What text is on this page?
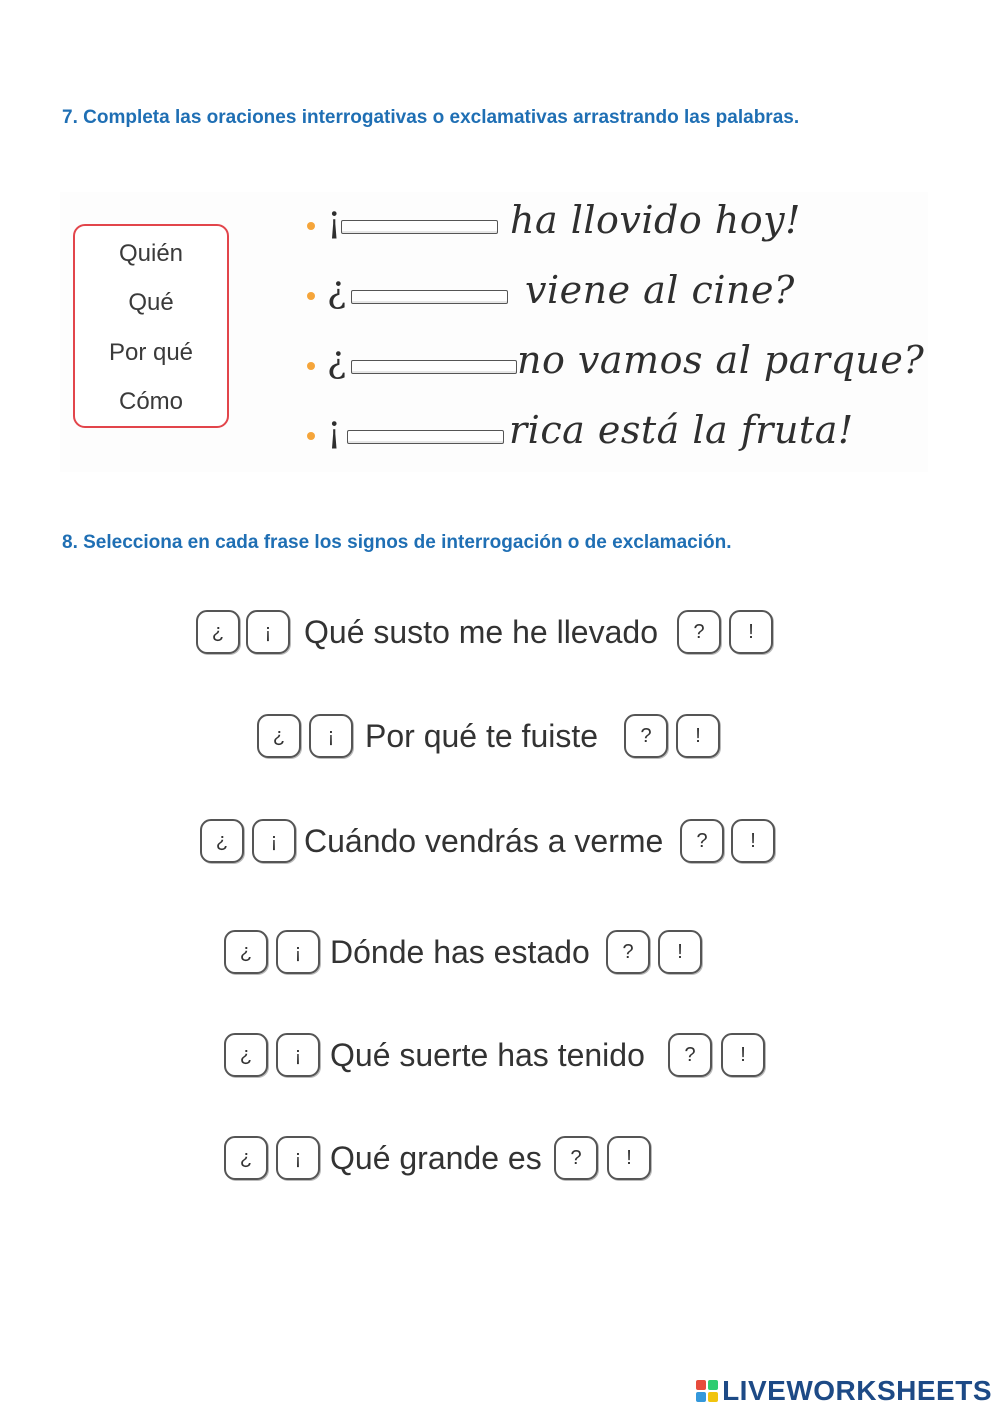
7. Completa las oraciones interrogativas o exclamativas arrastrando las palabras.
Quién
Qué
Por qué
Cómo
¡	ha llovido hoy!
¿	viene al cine?
¿	no vamos al parque?
¡	rica está la fruta!
8. Selecciona en cada frase los signos de interrogación o de exclamación.
¿	¡	Qué susto me he llevado	?	!
¿	¡ Por qué te fuiste	?	!
¿	¡ Cuándo vendrás a verme	?	!
¿	¡ Dónde has estado	?	!
¿	¡ Qué suerte has tenido	?	!
¿	¡ Qué grande es	?	!
LIVEWORKSHEETS
